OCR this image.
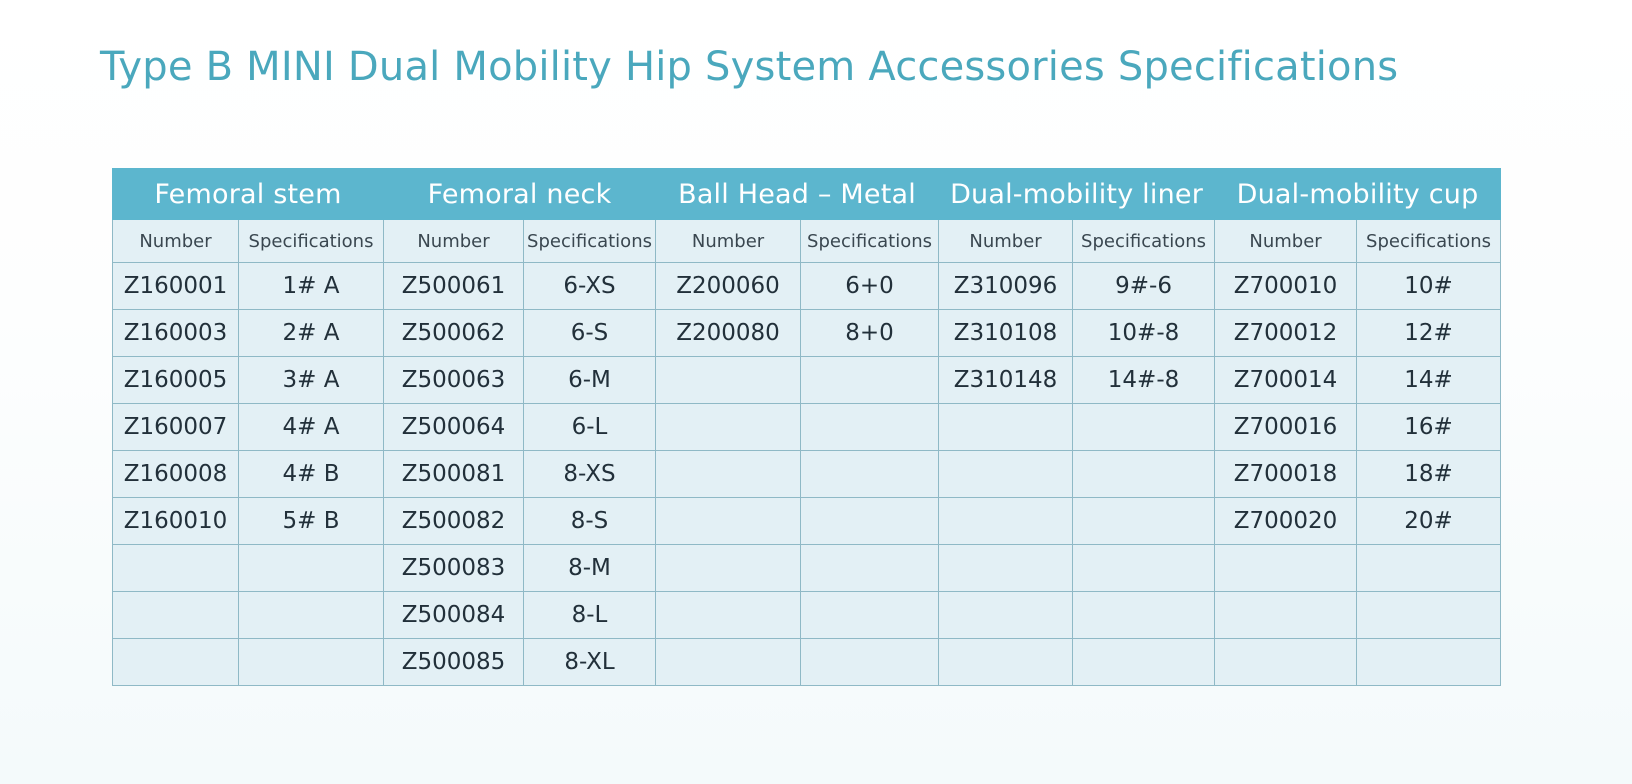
Type B MINI Dual Mobility Hip System Accessories Specifications
Femoral stem		Femoral neck		Ball Head – Metal		Dual-mobility liner		Dual-mobility cup	
Number	Specifications	Number	Specifications	Number	Specifications	Number	Specifications	Number	Specifications
Z160001	1# A	Z500061	6-XS	Z200060	6+0	Z310096	9#-6	Z700010	10#
Z160003	2# A	Z500062	6-S	Z200080	8+0	Z310108	10#-8	Z700012	12#
Z160005	3# A	Z500063	6-M			Z310148	14#-8	Z700014	14#
Z160007	4# A	Z500064	6-L					Z700016	16#
Z160008	4# B	Z500081	8-XS					Z700018	18#
Z160010	5# B	Z500082	8-S					Z700020	20#
		Z500083	8-M						
		Z500084	8-L						
		Z500085	8-XL						
